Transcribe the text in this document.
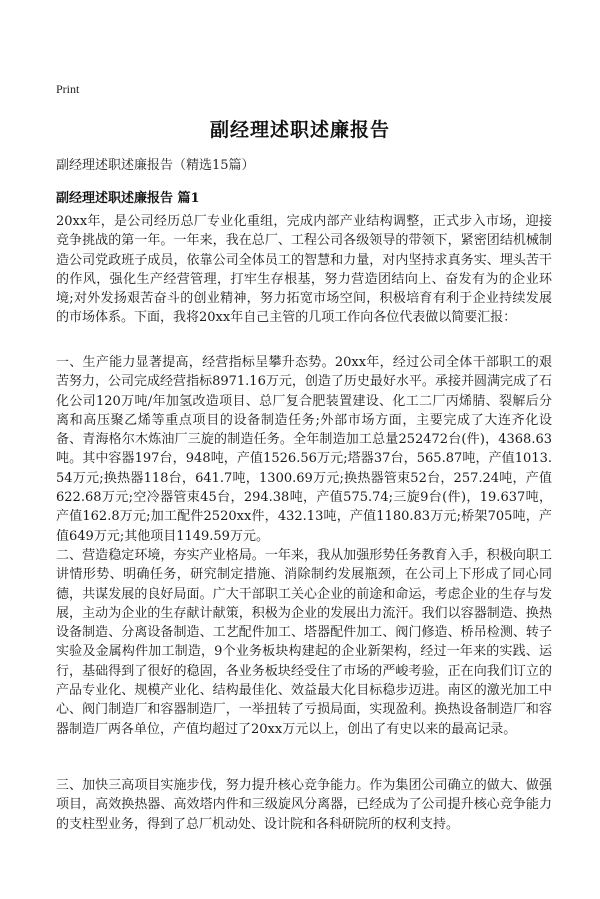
Print
副经理述职述廉报告
副经理述职述廉报告（精选15篇）
副经理述职述廉报告 篇1
20xx年，是公司经历总厂专业化重组，完成内部产业结构调整，正式步入市场，迎接竞争挑战的第一年。一年来，我在总厂、工程公司各级领导的带领下，紧密团结机械制造公司党政班子成员，依靠公司全体员工的智慧和力量，对内坚持求真务实、埋头苦干的作风，强化生产经营管理，打牢生存根基，努力营造团结向上、奋发有为的企业环境;对外发扬艰苦奋斗的创业精神，努力拓宽市场空间，积极培育有利于企业持续发展的市场体系。下面，我将20xx年自己主管的几项工作向各位代表做以简要汇报：
一、生产能力显著提高，经营指标呈攀升态势。20xx年，经过公司全体干部职工的艰苦努力，公司完成经营指标8971.16万元，创造了历史最好水平。承接并圆满完成了石化公司120万吨/年加氢改造项目、总厂复合肥装置建设、化工二厂丙烯腈、裂解后分离和高压聚乙烯等重点项目的设备制造任务;外部市场方面，主要完成了大连齐化设备、青海格尔木炼油厂三旋的制造任务。全年制造加工总量252472台(件)，4368.63吨。其中容器197台，948吨，产值1526.56万元;塔器37台，565.87吨，产值1013.54万元;换热器118台，641.7吨，1300.69万元;换热器管束52台，257.24吨，产值622.68万元;空冷器管束45台，294.38吨，产值575.74;三旋9台(件)，19.637吨，产值162.8万元;加工配件2520xx件，432.13吨，产值1180.83万元;桥架705吨，产值649万元;其他项目1149.59万元。
二、营造稳定环境，夯实产业格局。一年来，我从加强形势任务教育入手，积极向职工讲情形势、明确任务，研究制定措施、消除制约发展瓶颈，在公司上下形成了同心同德，共谋发展的良好局面。广大干部职工关心企业的前途和命运，考虑企业的生存与发展，主动为企业的生存献计献策，积极为企业的发展出力流汗。我们以容器制造、换热设备制造、分离设备制造、工艺配件加工、塔器配件加工、阀门修造、桥吊检测、转子实验及金属构件加工制造，9个业务板块构建起的企业新架构，经过一年来的实践、运行，基础得到了很好的稳固，各业务板块经受住了市场的严峻考验，正在向我们订立的产品专业化、规模产业化、结构最佳化、效益最大化目标稳步迈进。南区的激光加工中心、阀门制造厂和容器制造厂，一举扭转了亏损局面，实现盈利。换热设备制造厂和容器制造厂两各单位，产值均超过了20xx万元以上，创出了有史以来的最高记录。
三、加快三高项目实施步伐，努力提升核心竞争能力。作为集团公司确立的做大、做强项目，高效换热器、高效塔内件和三级旋风分离器，已经成为了公司提升核心竞争能力的支柱型业务，得到了总厂机动处、设计院和各科研院所的权利支持。
